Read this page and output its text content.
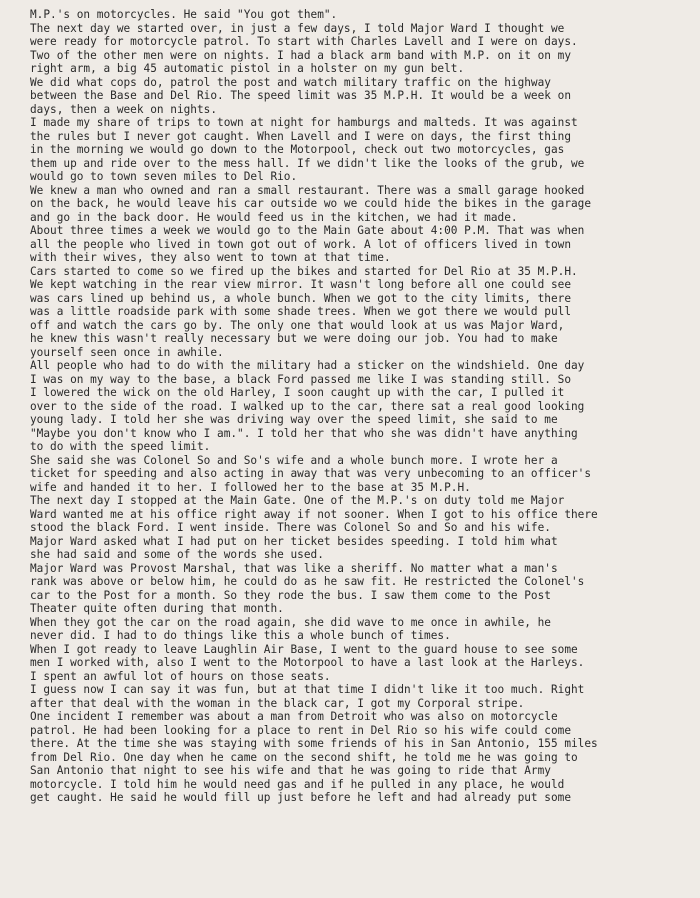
M.P.'s on motorcycles. He said "You got them".
The next day we started over, in just a few days, I told Major Ward I thought we
were ready for motorcycle patrol. To start with Charles Lavell and I were on days.
Two of the other men were on nights. I had a black arm band with M.P. on it on my
right arm, a big 45 automatic pistol in a holster on my gun belt.
We did what cops do, patrol the post and watch military traffic on the highway
between the Base and Del Rio. The speed limit was 35 M.P.H. It would be a week on
days, then a week on nights.
I made my share of trips to town at night for hamburgs and malteds. It was against
the rules but I never got caught. When Lavell and I were on days, the first thing
in the morning we would go down to the Motorpool, check out two motorcycles, gas
them up and ride over to the mess hall. If we didn't like the looks of the grub, we
would go to town seven miles to Del Rio.
We knew a man who owned and ran a small restaurant. There was a small garage hooked
on the back, he would leave his car outside wo we could hide the bikes in the garage
and go in the back door. He would feed us in the kitchen, we had it made.
About three times a week we would go to the Main Gate about 4:00 P.M. That was when
all the people who lived in town got out of work. A lot of officers lived in town
with their wives, they also went to town at that time.
Cars started to come so we fired up the bikes and started for Del Rio at 35 M.P.H.
We kept watching in the rear view mirror. It wasn't long before all one could see
was cars lined up behind us, a whole bunch. When we got to the city limits, there
was a little roadside park with some shade trees. When we got there we would pull
off and watch the cars go by. The only one that would look at us was Major Ward,
he knew this wasn't really necessary but we were doing our job. You had to make
yourself seen once in awhile.
All people who had to do with the military had a sticker on the windshield. One day
I was on my way to the base, a black Ford passed me like I was standing still. So
I lowered the wick on the old Harley, I soon caught up with the car, I pulled it
over to the side of the road. I walked up to the car, there sat a real good looking
young lady. I told her she was driving way over the speed limit, she said to me
"Maybe you don't know who I am.". I told her that who she was didn't have anything
to do with the speed limit.
She said she was Colonel So and So's wife and a whole bunch more. I wrote her a
ticket for speeding and also acting in away that was very unbecoming to an officer's
wife and handed it to her. I followed her to the base at 35 M.P.H.
The next day I stopped at the Main Gate. One of the M.P.'s on duty told me Major
Ward wanted me at his office right away if not sooner. When I got to his office there
stood the black Ford. I went inside. There was Colonel So and So and his wife.
Major Ward asked what I had put on her ticket besides speeding. I told him what
she had said and some of the words she used.
Major Ward was Provost Marshal, that was like a sheriff. No matter what a man's
rank was above or below him, he could do as he saw fit. He restricted the Colonel's
car to the Post for a month. So they rode the bus. I saw them come to the Post
Theater quite often during that month.
When they got the car on the road again, she did wave to me once in awhile, he
never did. I had to do things like this a whole bunch of times.
When I got ready to leave Laughlin Air Base, I went to the guard house to see some
men I worked with, also I went to the Motorpool to have a last look at the Harleys.
I spent an awful lot of hours on those seats.
I guess now I can say it was fun, but at that time I didn't like it too much. Right
after that deal with the woman in the black car, I got my Corporal stripe.
One incident I remember was about a man from Detroit who was also on motorcycle
patrol. He had been looking for a place to rent in Del Rio so his wife could come
there. At the time she was staying with some friends of his in San Antonio, 155 miles
from Del Rio. One day when he came on the second shift, he told me he was going to
San Antonio that night to see his wife and that he was going to ride that Army
motorcycle. I told him he would need gas and if he pulled in any place, he would
get caught. He said he would fill up just before he left and had already put some
